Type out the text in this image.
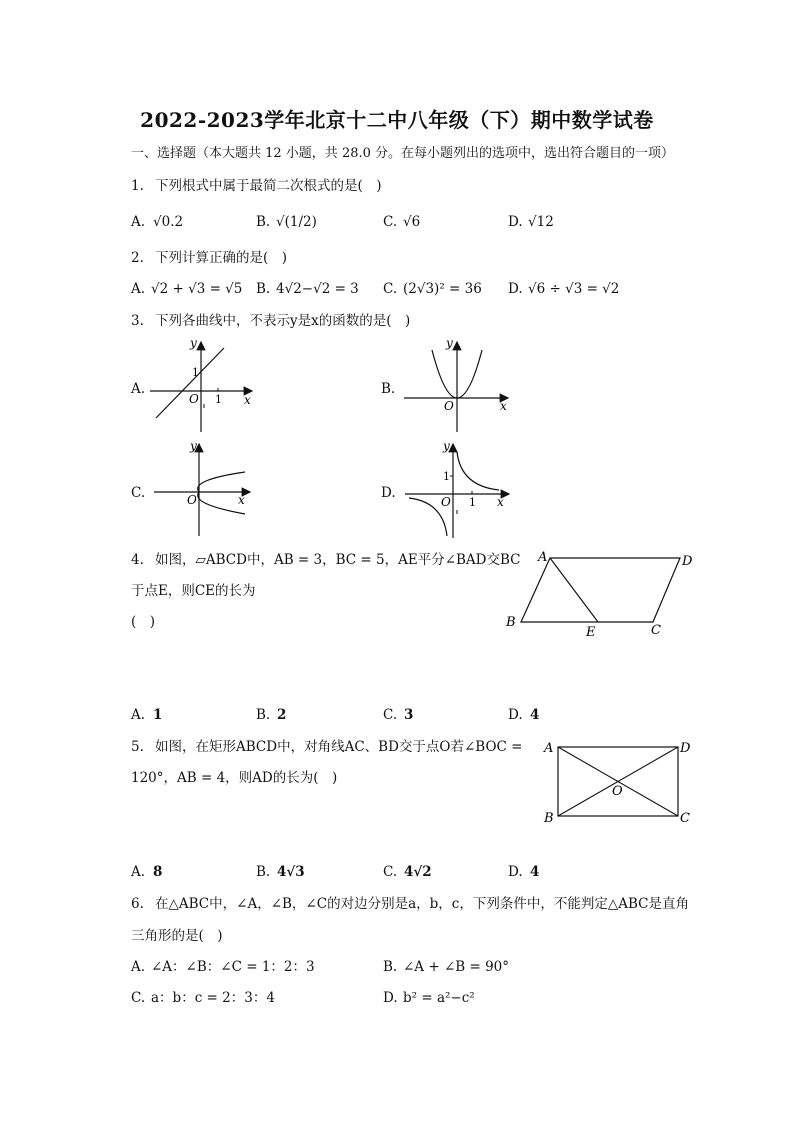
2022-2023学年北京十二中八年级（下）期中数学试卷
一、选择题（本大题共 12 小题，共 28.0 分。在每小题列出的选项中，选出符合题目的一项）
1. 下列根式中属于最简二次根式的是(　)
A. √0.2	B. √(1/2)	C. √6	D. √12
2. 下列计算正确的是(　)
A. √2 + √3 = √5 B. 4√2−√2 = 3 C. (2√3)² = 36 D. √6 ÷ √3 = √2
3. 下列各曲线中，不表示y是x的函数的是(　)
A.	B.
C.	D.
y
x
O 1
1
y
x
O
y
x
O
y
x
O 1
1
4. 如图，▱ABCD中，AB = 3，BC = 5，AE平分∠BAD交BC
于点E，则CE的长为
(　)
A	D
B
E	C
A. 1	B. 2	C. 3	D. 4
5. 如图，在矩形ABCD中，对角线AC、BD交于点O若∠BOC =
120°，AB = 4，则AD的长为(　)
A	D
B	C
O
A. 8	B. 4√3	C. 4√2	D. 4
6. 在△ABC中，∠A，∠B，∠C的对边分别是a，b，c，下列条件中，不能判定△ABC是直角
三角形的是(　)
A. ∠A：∠B：∠C = 1：2：3	B. ∠A + ∠B = 90°
C. a：b：c = 2：3：4	D. b² = a²−c²
